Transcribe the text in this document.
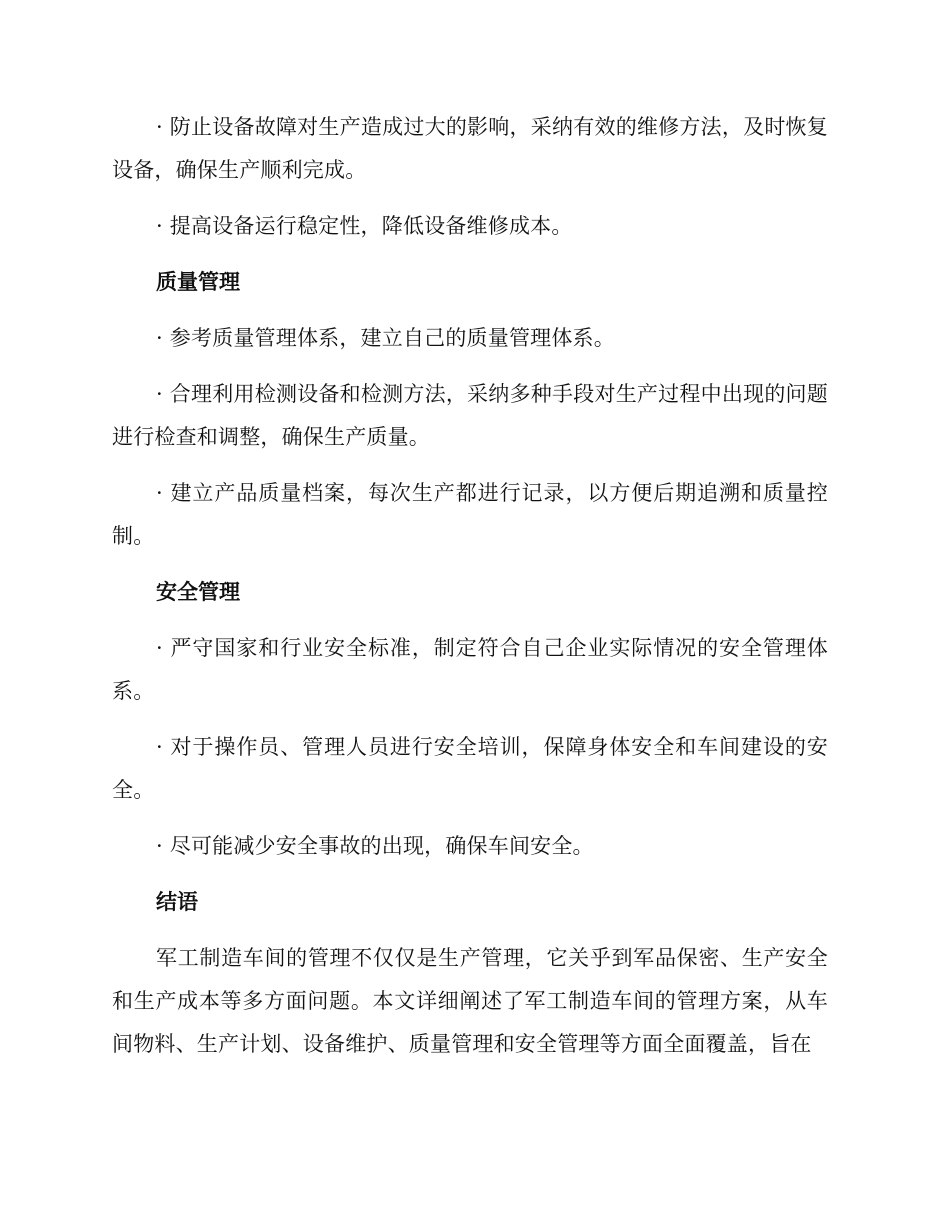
· 防止设备故障对生产造成过大的影响，采纳有效的维修方法，及时恢复设备，确保生产顺利完成。

· 提高设备运行稳定性，降低设备维修成本。

质量管理

· 参考质量管理体系，建立自己的质量管理体系。

· 合理利用检测设备和检测方法，采纳多种手段对生产过程中出现的问题进行检查和调整，确保生产质量。

· 建立产品质量档案，每次生产都进行记录，以方便后期追溯和质量控制。

安全管理

· 严守国家和行业安全标准，制定符合自己企业实际情况的安全管理体系。

· 对于操作员、管理人员进行安全培训，保障身体安全和车间建设的安全。

· 尽可能减少安全事故的出现，确保车间安全。

结语

军工制造车间的管理不仅仅是生产管理，它关乎到军品保密、生产安全和生产成本等多方面问题。本文详细阐述了军工制造车间的管理方案，从车间物料、生产计划、设备维护、质量管理和安全管理等方面全面覆盖，旨在
